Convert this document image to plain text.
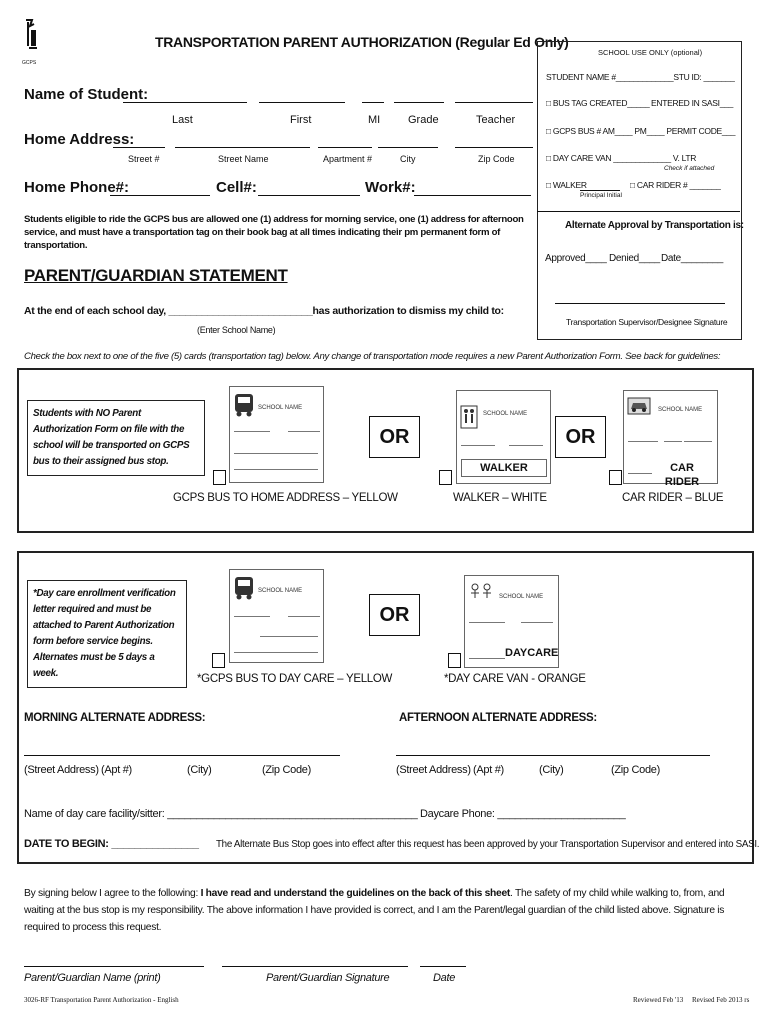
GCPS
TRANSPORTATION PARENT AUTHORIZATION (Regular Ed Only)
Name of Student:
Last	First	MI	Grade	Teacher
Home Address:
Street #	Street Name	Apartment #	City	Zip Code
Home Phone#:	Cell#:	Work#:
Students eligible to ride the GCPS bus are allowed one (1) address for morning service, one (1) address for afternoon service, and must have a transportation tag on their book bag at all times indicating their pm permanent form of transportation.
SCHOOL USE ONLY (optional)
STUDENT NAME #_____________STU ID: _______
□ BUS TAG CREATED_____ ENTERED IN SASI___
□ GCPS BUS # AM____ PM____ PERMIT CODE___
□ DAY CARE VAN _____________ V. LTR
Check if attached
□ WALKER
Principal Initial
□ CAR RIDER # _______
Alternate Approval by Transportation is:
Approved____ Denied____ Date________
Transportation Supervisor/Designee Signature
PARENT/GUARDIAN STATEMENT
At the end of each school day, __________________________has authorization to dismiss my child to:
(Enter School Name)
Check the box next to one of the five (5) cards (transportation tag) below. Any change of transportation mode requires a new Parent Authorization Form. See back for guidelines:
Students with NO Parent Authorization Form on file with the school will be transported on GCPS bus to their assigned bus stop.
SCHOOL NAME
OR
GCPS BUS TO HOME ADDRESS – YELLOW
SCHOOL NAME
WALKER
OR
WALKER – WHITE
SCHOOL NAME
CAR RIDER
CAR RIDER – BLUE
*Day care enrollment verification letter required and must be attached to Parent Authorization form before service begins. Alternates must be 5 days a week.
SCHOOL NAME
OR
*GCPS BUS TO DAY CARE – YELLOW
SCHOOL NAME
DAYCARE
*DAY CARE VAN - ORANGE
MORNING ALTERNATE ADDRESS:	AFTERNOON ALTERNATE ADDRESS:
(Street Address) (Apt #)	(City)	(Zip Code)	(Street Address) (Apt #)	(City)	(Zip Code)
Name of day care facility/sitter: ___________________________________________ Daycare Phone: ______________________
DATE TO BEGIN: _______________ The Alternate Bus Stop goes into effect after this request has been approved by your Transportation Supervisor and entered into SASI.
By signing below I agree to the following: I have read and understand the guidelines on the back of this sheet. The safety of my child while walking to, from, and waiting at the bus stop is my responsibility. The above information I have provided is correct, and I am the Parent/legal guardian of the child listed above. Signature is required to process this request.
Parent/Guardian Name (print)	Parent/Guardian Signature	Date
3026-RF Transportation Parent Authorization - English	Reviewed Feb '13     Revised Feb 2013 rs
